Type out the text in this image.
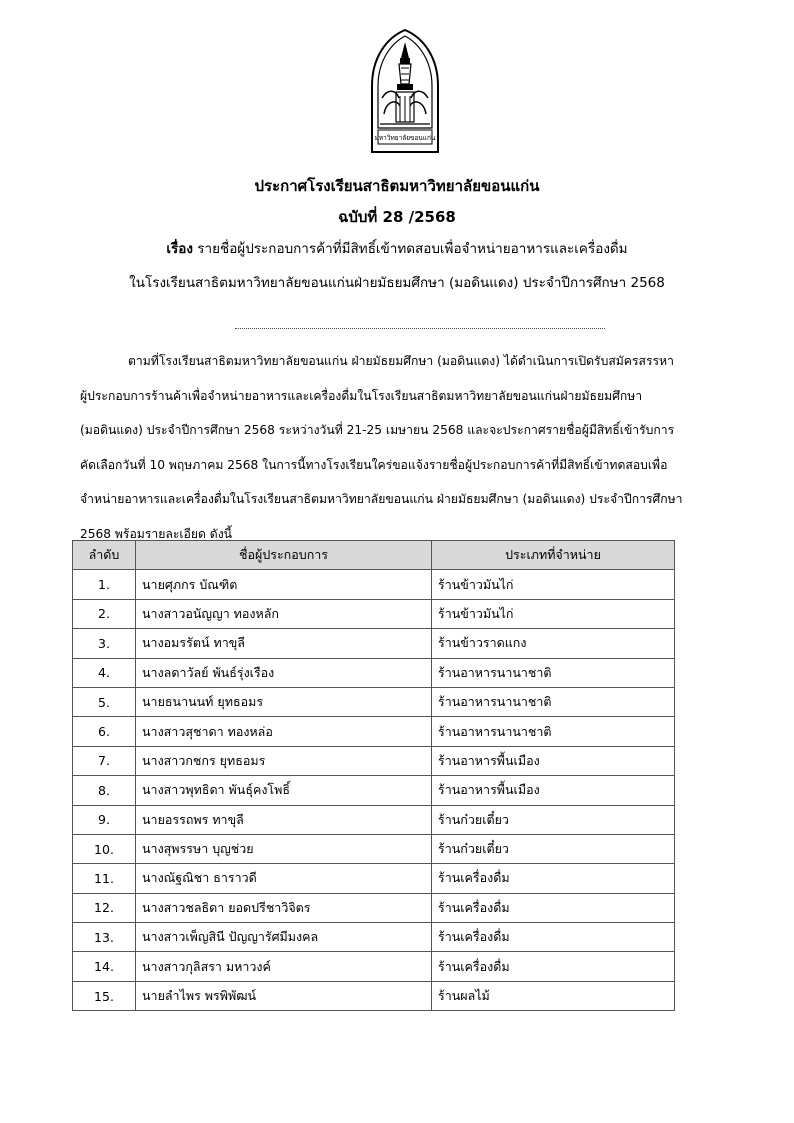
มหาวิทยาลัยขอนแก่น
ประกาศโรงเรียนสาธิตมหาวิทยาลัยขอนแก่น
ฉบับที่ 28 /2568
เรื่อง รายชื่อผู้ประกอบการค้าที่มีสิทธิ์เข้าทดสอบเพื่อจำหน่ายอาหารและเครื่องดื่ม
ในโรงเรียนสาธิตมหาวิทยาลัยขอนแก่นฝ่ายมัธยมศึกษา (มอดินแดง) ประจำปีการศึกษา 2568
ตามที่โรงเรียนสาธิตมหาวิทยาลัยขอนแก่น ฝ่ายมัธยมศึกษา (มอดินแดง) ได้ดำเนินการเปิดรับสมัครสรรหา
ผู้ประกอบการร้านค้าเพื่อจำหน่ายอาหารและเครื่องดื่มในโรงเรียนสาธิตมหาวิทยาลัยขอนแก่นฝ่ายมัธยมศึกษา
(มอดินแดง) ประจำปีการศึกษา 2568 ระหว่างวันที่ 21-25 เมษายน 2568 และจะประกาศรายชื่อผู้มีสิทธิ์เข้ารับการ
คัดเลือกวันที่ 10 พฤษภาคม 2568 ในการนี้ทางโรงเรียนใคร่ขอแจ้งรายชื่อผู้ประกอบการค้าที่มีสิทธิ์เข้าทดสอบเพื่อ
จำหน่ายอาหารและเครื่องดื่มในโรงเรียนสาธิตมหาวิทยาลัยขอนแก่น ฝ่ายมัธยมศึกษา (มอดินแดง) ประจำปีการศึกษา
2568 พร้อมรายละเอียด ดังนี้
ลำดับ	ชื่อผู้ประกอบการ	ประเภทที่จำหน่าย
1.	นายศุภกร บัณฑิต	ร้านข้าวมันไก่
2.	นางสาวอนัญญา ทองหลัก	ร้านข้าวมันไก่
3.	นางอมรรัตน์ ทาขุลี	ร้านข้าวราดแกง
4.	นางลดาวัลย์ พันธ์รุ่งเรือง	ร้านอาหารนานาชาติ
5.	นายธนานนท์ ยุทธอมร	ร้านอาหารนานาชาติ
6.	นางสาวสุชาดา ทองหล่อ	ร้านอาหารนานาชาติ
7.	นางสาวกชกร ยุทธอมร	ร้านอาหารพื้นเมือง
8.	นางสาวพุทธิดา พันธุ์คงโพธิ์	ร้านอาหารพื้นเมือง
9.	นายอรรถพร ทาขุลี	ร้านก๋วยเตี๋ยว
10.	นางสุพรรษา บุญช่วย	ร้านก๋วยเตี๋ยว
11.	นางณัฐณิชา ธาราวดี	ร้านเครื่องดื่ม
12.	นางสาวชลธิดา ยอดปรีชาวิจิตร	ร้านเครื่องดื่ม
13.	นางสาวเพ็ญสินี ปัญญารัศมีมงคล	ร้านเครื่องดื่ม
14.	นางสาวกุลิสรา มหาวงค์	ร้านเครื่องดื่ม
15.	นายลำไพร พรพิพัฒน์	ร้านผลไม้
